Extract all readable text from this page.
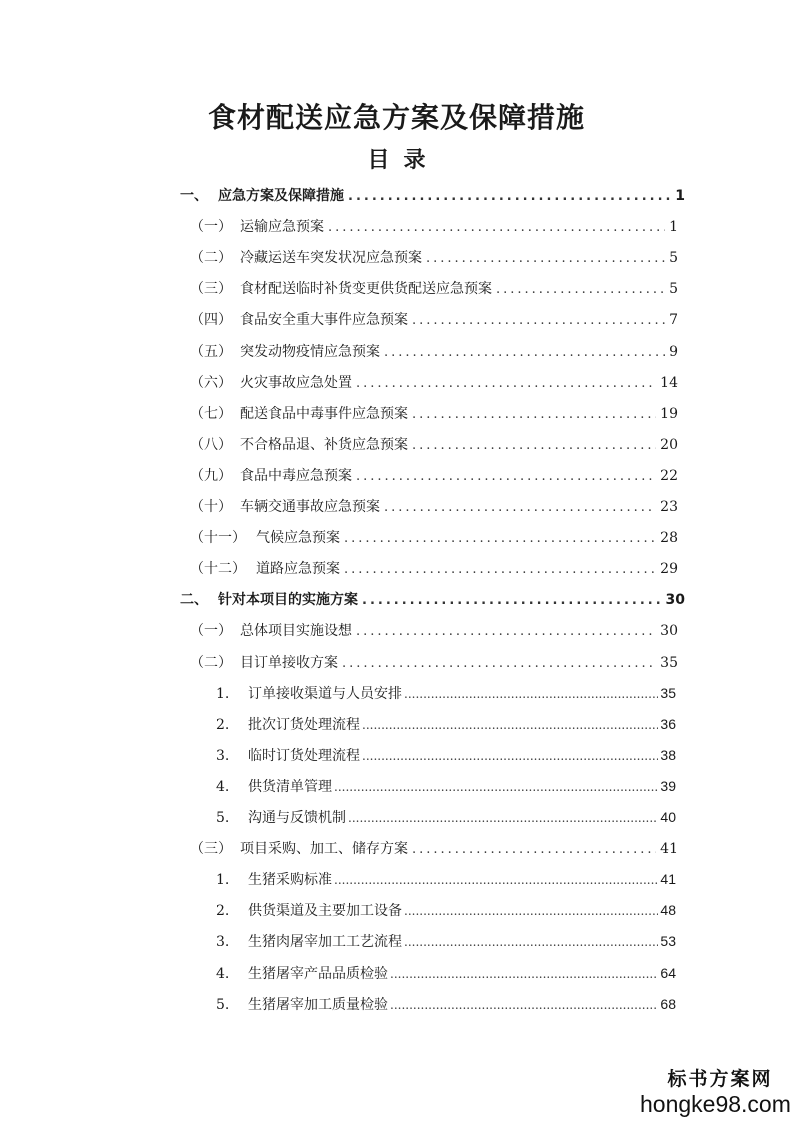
食材配送应急方案及保障措施
目录
一、 应急方案及保障措施 .....	1
（一） 运输应急预案 .....	1
（二） 冷藏运送车突发状况应急预案 .....	5
（三） 食材配送临时补货变更供货配送应急预案 .....	5
（四） 食品安全重大事件应急预案 .....	7
（五） 突发动物疫情应急预案 .....	9
（六） 火灾事故应急处置 .....	14
（七） 配送食品中毒事件应急预案 .....	19
（八） 不合格品退、补货应急预案 .....	20
（九） 食品中毒应急预案 .....	22
（十） 车辆交通事故应急预案 .....	23
（十一） 气候应急预案 .....	28
（十二） 道路应急预案 .....	29
二、 针对本项目的实施方案 .....	30
（一） 总体项目实施设想 .....	30
（二） 目订单接收方案 .....	35
1.	订单接收渠道与人员安排 .....	35
2.	批次订货处理流程 .....	36
3.	临时订货处理流程 .....	38
4.	供货清单管理 .....	39
5.	沟通与反馈机制 .....	40
（三） 项目采购、加工、储存方案 .....	41
1.	生猪采购标准 .....	41
2.	供货渠道及主要加工设备 .....	48
3.	生猪肉屠宰加工工艺流程 .....	53
4.	生猪屠宰产品品质检验 .....	64
5.	生猪屠宰加工质量检验 .....	68
标书方案网
hongke98.com
